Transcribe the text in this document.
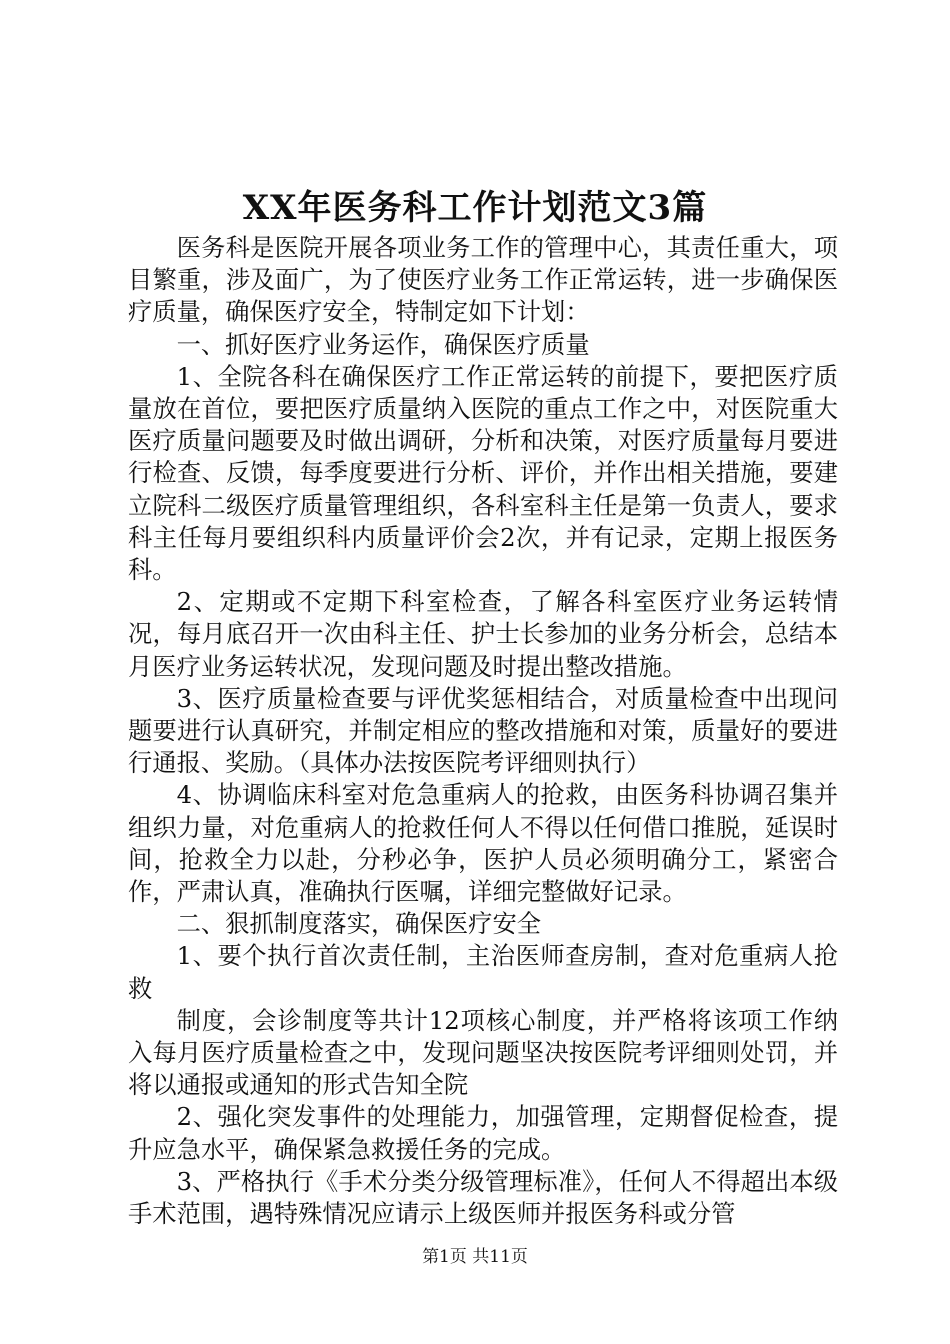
XX年医务科工作计划范文3篇

医务科是医院开展各项业务工作的管理中心，其责任重大，项目繁重，涉及面广，为了使医疗业务工作正常运转，进一步确保医疗质量，确保医疗安全，特制定如下计划：

一、抓好医疗业务运作，确保医疗质量

1、全院各科在确保医疗工作正常运转的前提下，要把医疗质量放在首位，要把医疗质量纳入医院的重点工作之中，对医院重大医疗质量问题要及时做出调研，分析和决策，对医疗质量每月要进行检查、反馈，每季度要进行分析、评价，并作出相关措施，要建立院科二级医疗质量管理组织，各科室科主任是第一负责人，要求科主任每月要组织科内质量评价会2次，并有记录，定期上报医务科。

2、定期或不定期下科室检查，了解各科室医疗业务运转情况，每月底召开一次由科主任、护士长参加的业务分析会，总结本月医疗业务运转状况，发现问题及时提出整改措施。

3、医疗质量检查要与评优奖惩相结合，对质量检查中出现问题要进行认真研究，并制定相应的整改措施和对策，质量好的要进行通报、奖励。（具体办法按医院考评细则执行）

4、协调临床科室对危急重病人的抢救，由医务科协调召集并组织力量，对危重病人的抢救任何人不得以任何借口推脱，延误时间，抢救全力以赴，分秒必争，医护人员必须明确分工，紧密合作，严肃认真，准确执行医嘱，详细完整做好记录。

二、狠抓制度落实，确保医疗安全

1、要个执行首次责任制，主治医师查房制，查对危重病人抢救

制度，会诊制度等共计12项核心制度，并严格将该项工作纳入每月医疗质量检查之中，发现问题坚决按医院考评细则处罚，并将以通报或通知的形式告知全院

2、强化突发事件的处理能力，加强管理，定期督促检查，提升应急水平，确保紧急救援任务的完成。

3、严格执行《手术分类分级管理标准》，任何人不得超出本级手术范围，遇特殊情况应请示上级医师并报医务科或分管

第1页 共11页
